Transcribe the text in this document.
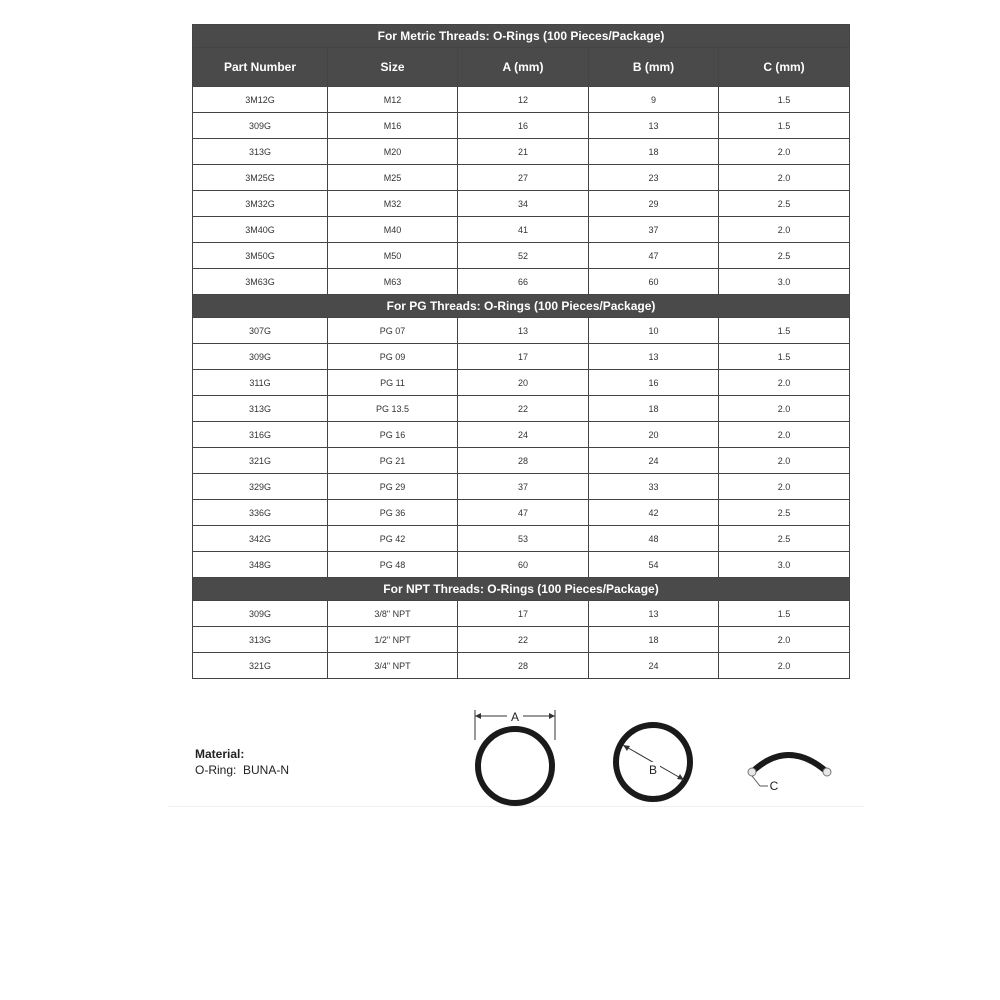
For Metric Threads: O-Rings (100 Pieces/Package)				
Part Number	Size	A (mm)	B (mm)	C (mm)
3M12G	M12	12	9	1.5
309G	M16	16	13	1.5
313G	M20	21	18	2.0
3M25G	M25	27	23	2.0
3M32G	M32	34	29	2.5
3M40G	M40	41	37	2.0
3M50G	M50	52	47	2.5
3M63G	M63	66	60	3.0
For PG Threads: O-Rings (100 Pieces/Package)				
307G	PG 07	13	10	1.5
309G	PG 09	17	13	1.5
311G	PG 11	20	16	2.0
313G	PG 13.5	22	18	2.0
316G	PG 16	24	20	2.0
321G	PG 21	28	24	2.0
329G	PG 29	37	33	2.0
336G	PG 36	47	42	2.5
342G	PG 42	53	48	2.5
348G	PG 48	60	54	3.0
For NPT Threads: O-Rings (100 Pieces/Package)				
309G	3/8" NPT	17	13	1.5
313G	1/2" NPT	22	18	2.0
321G	3/4" NPT	28	24	2.0
Material:
O-Ring: BUNA-N
A
B
C
